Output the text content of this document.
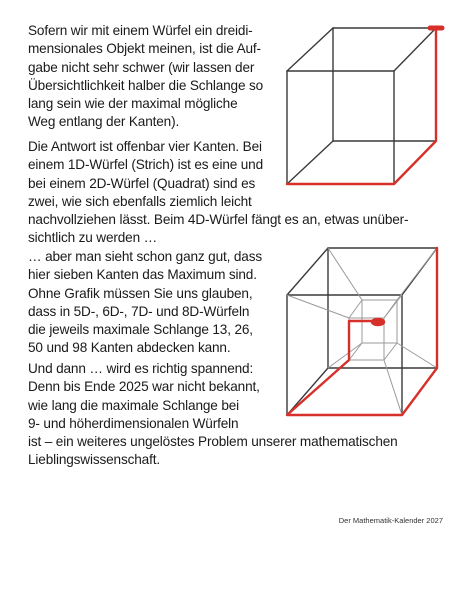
Sofern wir mit einem Würfel ein dreidi-
mensionales Objekt meinen, ist die Auf-
gabe nicht sehr schwer (wir lassen der
Übersichtlichkeit halber die Schlange so
lang sein wie der maximal mögliche
Weg entlang der Kanten).
Die Antwort ist offenbar vier Kanten. Bei
einem 1D-Würfel (Strich) ist es eine und
bei einem 2D-Würfel (Quadrat) sind es
zwei, wie sich ebenfalls ziemlich leicht
nachvollziehen lässt. Beim 4D-Würfel fängt es an, etwas unüber-
sichtlich zu werden …
… aber man sieht schon ganz gut, dass
hier sieben Kanten das Maximum sind.
Ohne Grafik müssen Sie uns glauben,
dass in 5D-, 6D-, 7D- und 8D-Würfeln
die jeweils maximale Schlange 13, 26,
50 und 98 Kanten abdecken kann.
Und dann … wird es richtig spannend:
Denn bis Ende 2025 war nicht bekannt,
wie lang die maximale Schlange bei
9- und höherdimensionalen Würfeln
ist – ein weiteres ungelöstes Problem unserer mathematischen
Lieblingswissenschaft.
Der Mathematik-Kalender 2027
